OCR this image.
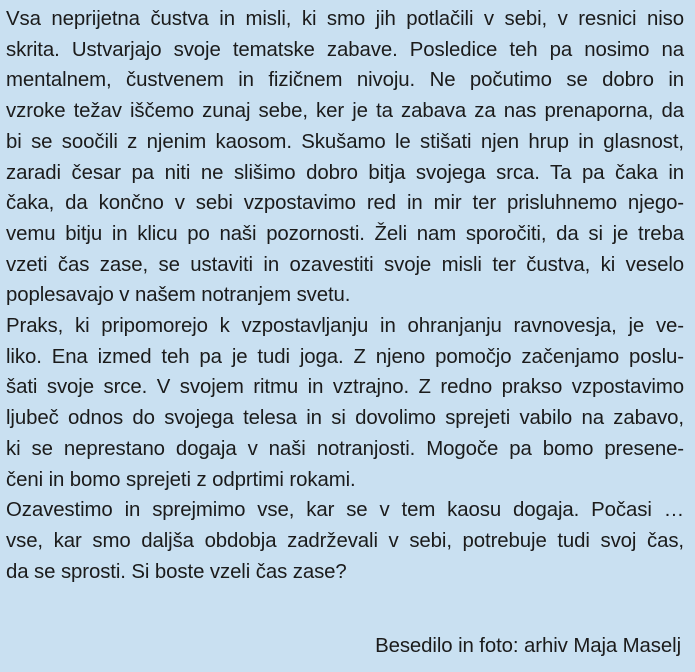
Vsa neprijetna čustva in misli, ki smo jih potlačili v sebi, v resnici niso
skrita. Ustvarjajo svoje tematske zabave. Posledice teh pa nosimo na
mentalnem, čustvenem in fizičnem nivoju. Ne počutimo se dobro in
vzroke težav iščemo zunaj sebe, ker je ta zabava za nas prenaporna, da
bi se soočili z njenim kaosom. Skušamo le stišati njen hrup in glasnost,
zaradi česar pa niti ne slišimo dobro bitja svojega srca. Ta pa čaka in
čaka, da končno v sebi vzpostavimo red in mir ter prisluhnemo njego-
vemu bitju in klicu po naši pozornosti. Želi nam sporočiti, da si je treba
vzeti čas zase, se ustaviti in ozavestiti svoje misli ter čustva, ki veselo
poplesavajo v našem notranjem svetu.

Praks, ki pripomorejo k vzpostavljanju in ohranjanju ravnovesja, je ve-
liko. Ena izmed teh pa je tudi joga. Z njeno pomočjo začenjamo poslu-
šati svoje srce. V svojem ritmu in vztrajno. Z redno prakso vzpostavimo
ljubeč odnos do svojega telesa in si dovolimo sprejeti vabilo na zabavo,
ki se neprestano dogaja v naši notranjosti. Mogoče pa bomo presene-
čeni in bomo sprejeti z odprtimi rokami.

Ozavestimo in sprejmimo vse, kar se v tem kaosu dogaja. Počasi …
vse, kar smo daljša obdobja zadrževali v sebi, potrebuje tudi svoj čas,
da se sprosti. Si boste vzeli čas zase?

Besedilo in foto: arhiv Maja Maselj
